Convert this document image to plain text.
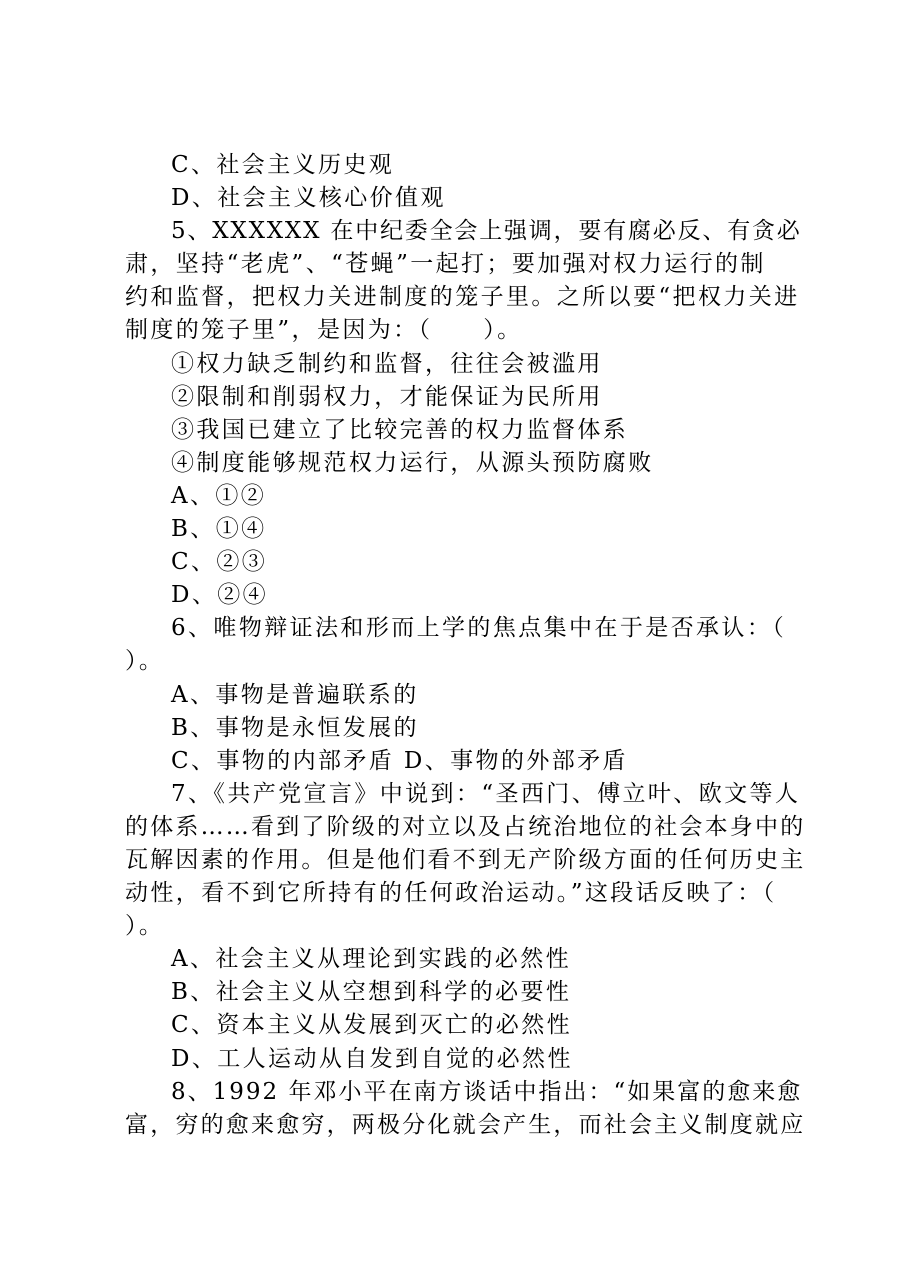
C、社会主义历史观
D、社会主义核心价值观
5、XXXXXX 在中纪委全会上强调，要有腐必反、有贪必
肃，坚持“老虎”、“苍蝇”一起打；要加强对权力运行的制
约和监督，把权力关进制度的笼子里。之所以要“把权力关进
制度的笼子里”，是因为：（　　）。
①权力缺乏制约和监督，往往会被滥用
②限制和削弱权力，才能保证为民所用
③我国已建立了比较完善的权力监督体系
④制度能够规范权力运行，从源头预防腐败
A、①②
B、①④
C、②③
D、②④
6、唯物辩证法和形而上学的焦点集中在于是否承认：（
）。
A、事物是普遍联系的
B、事物是永恒发展的
C、事物的内部矛盾 D、事物的外部矛盾
7、《共产党宣言》中说到：“圣西门、傅立叶、欧文等人
的体系……看到了阶级的对立以及占统治地位的社会本身中的
瓦解因素的作用。但是他们看不到无产阶级方面的任何历史主
动性，看不到它所持有的任何政治运动。”这段话反映了：（
）。
A、社会主义从理论到实践的必然性
B、社会主义从空想到科学的必要性
C、资本主义从发展到灭亡的必然性
D、工人运动从自发到自觉的必然性
8、1992 年邓小平在南方谈话中指出：“如果富的愈来愈
富，穷的愈来愈穷，两极分化就会产生，而社会主义制度就应
